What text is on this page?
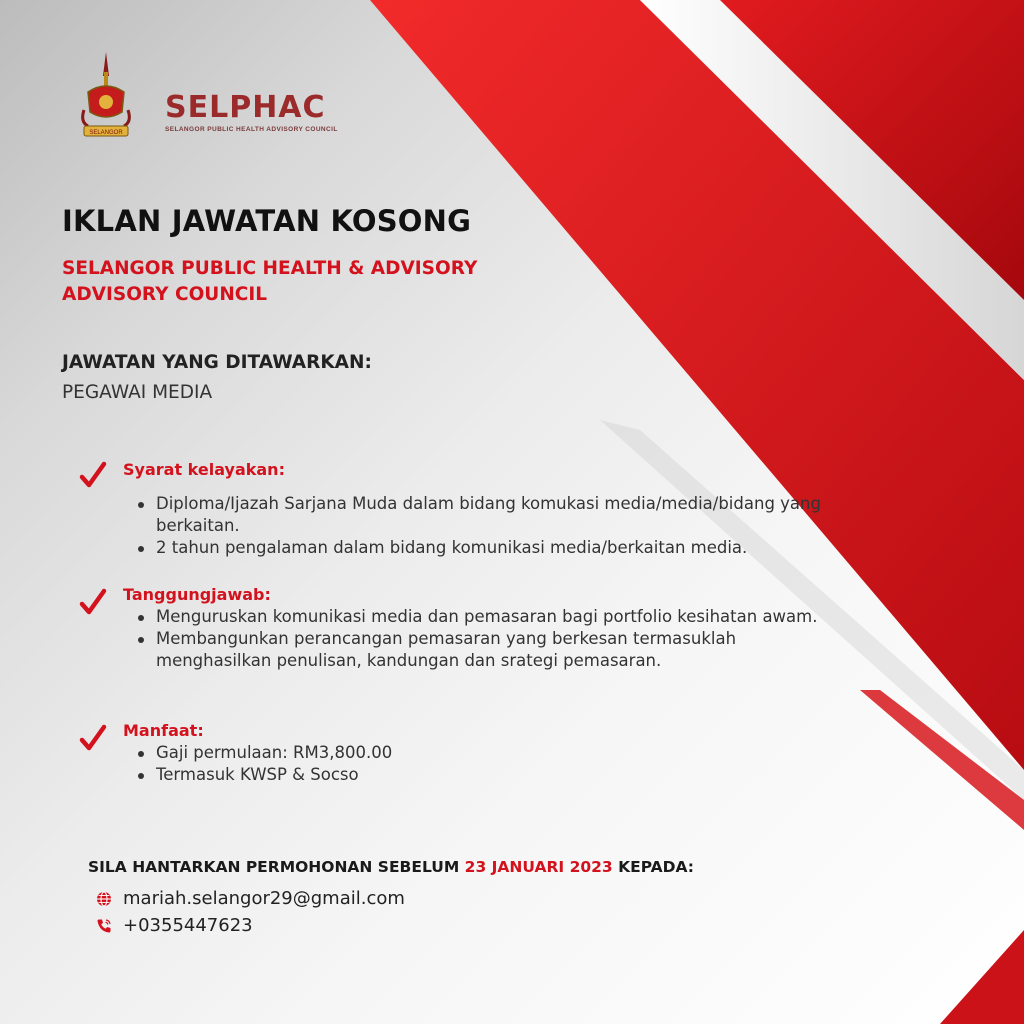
SELANGOR
SELPHAC
SELANGOR PUBLIC HEALTH ADVISORY COUNCIL
IKLAN JAWATAN KOSONG
SELANGOR PUBLIC HEALTH & ADVISORY
ADVISORY COUNCIL
JAWATAN YANG DITAWARKAN:
PEGAWAI MEDIA
Syarat kelayakan:
Diploma/Ijazah Sarjana Muda dalam bidang komukasi media/media/bidang yang berkaitan.
2 tahun pengalaman dalam bidang komunikasi media/berkaitan media.
Tanggungjawab:
Menguruskan komunikasi media dan pemasaran bagi portfolio kesihatan awam.
Membangunkan perancangan pemasaran yang berkesan termasuklah menghasilkan penulisan, kandungan dan srategi pemasaran.
Manfaat:
Gaji permulaan: RM3,800.00
Termasuk KWSP & Socso
SILA HANTARKAN PERMOHONAN SEBELUM 23 JANUARI 2023 KEPADA:
mariah.selangor29@gmail.com
+0355447623
